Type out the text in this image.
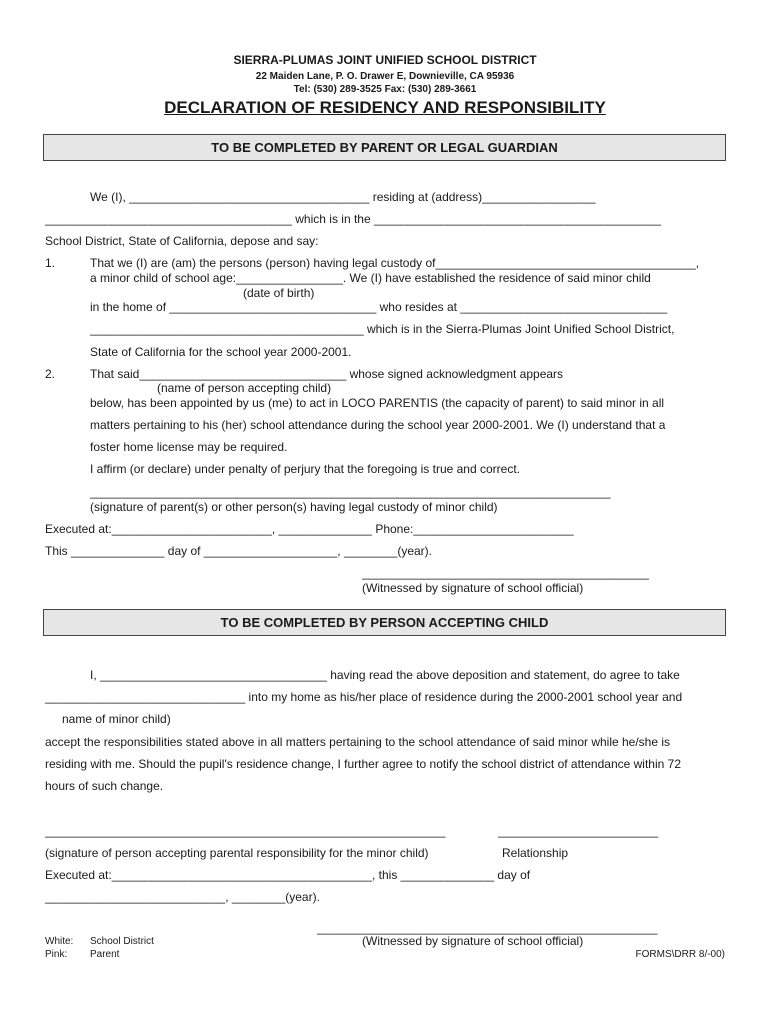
SIERRA-PLUMAS JOINT UNIFIED SCHOOL DISTRICT
22 Maiden Lane, P. O. Drawer E, Downieville, CA 95936
Tel: (530) 289-3525 Fax: (530) 289-3661
DECLARATION OF RESIDENCY AND RESPONSIBILITY
TO BE COMPLETED BY PARENT OR LEGAL GUARDIAN
We (I), ____________________________________ residing at (address)_________________
_____________________________________ which is in the ___________________________________________
School District, State of California, depose and say:
1.	That we (I) are (am) the persons (person) having legal custody of_______________________________________,
a minor child of school age:________________. We (I) have established the residence of said minor child
(date of birth)
in the home of _______________________________ who resides at _______________________________
_________________________________________ which is in the Sierra-Plumas Joint Unified School District,
State of California for the school year 2000-2001.
2.	That said_______________________________ whose signed acknowledgment appears
(name of person accepting child)
below, has been appointed by us (me) to act in LOCO PARENTIS (the capacity of parent) to said minor in all
matters pertaining to his (her) school attendance during the school year 2000-2001. We (I) understand that a
foster home license may be required.
I affirm (or declare) under penalty of perjury that the foregoing is true and correct.
______________________________________________________________________________
(signature of parent(s) or other person(s) having legal custody of minor child)
Executed at:________________________, ______________ Phone:________________________
This ______________ day of ____________________, ________(year).
___________________________________________
(Witnessed by signature of school official)
TO BE COMPLETED BY PERSON ACCEPTING CHILD
I, __________________________________ having read the above deposition and statement, do agree to take
______________________________ into my home as his/her place of residence during the 2000-2001 school year and
name of minor child)
accept the responsibilities stated above in all matters pertaining to the school attendance of said minor while he/she is
residing with me. Should the pupil's residence change, I further agree to notify the school district of attendance within 72
hours of such change.
____________________________________________________________	________________________
(signature of person accepting parental responsibility for the minor child)	Relationship
Executed at:_______________________________________, this ______________ day of
___________________________, ________(year).
___________________________________________________
(Witnessed by signature of school official)
White: School District
Pink: Parent	FORMS\DRR 8/-00)
